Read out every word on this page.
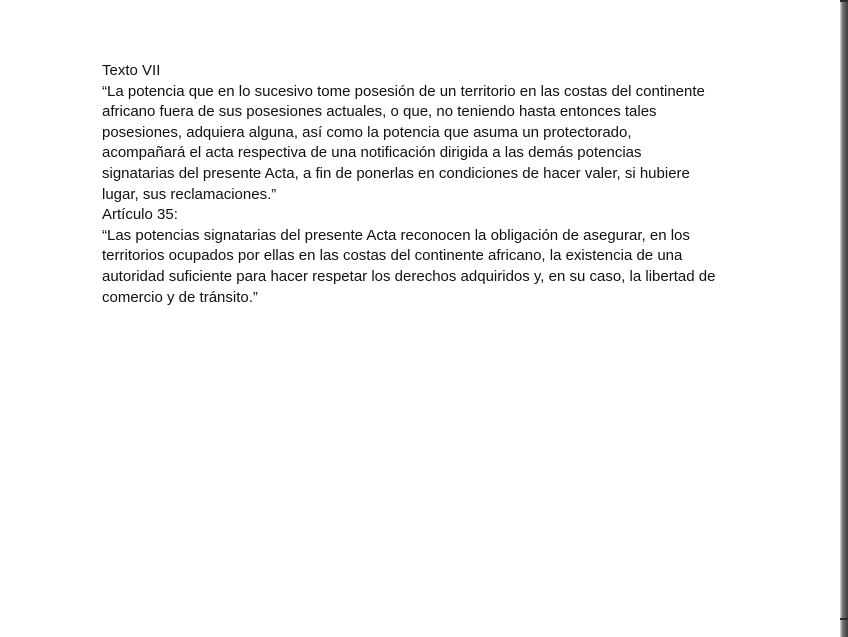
Texto VII
“La potencia que en lo sucesivo tome posesión de un territorio en las costas del continente
africano fuera de sus posesiones actuales, o que, no teniendo hasta entonces tales
posesiones, adquiera alguna, así como la potencia que asuma un protectorado,
acompañará el acta respectiva de una notificación dirigida a las demás potencias
signatarias del presente Acta, a fin de ponerlas en condiciones de hacer valer, si hubiere
lugar, sus reclamaciones.”
Artículo 35:
“Las potencias signatarias del presente Acta reconocen la obligación de asegurar, en los
territorios ocupados por ellas en las costas del continente africano, la existencia de una
autoridad suficiente para hacer respetar los derechos adquiridos y, en su caso, la libertad de
comercio y de tránsito.”
